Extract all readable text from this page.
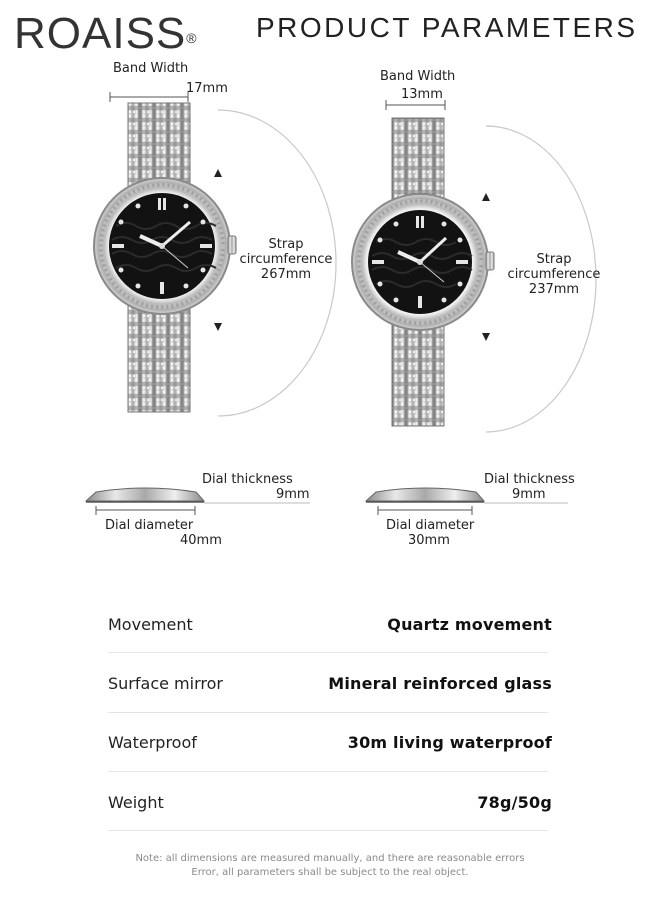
ROAISS® PRODUCT PARAMETERS
Band Width
17mm
Strap
circumference
267mm
Dial thickness
9mm
Dial diameter
40mm
Band Width
13mm
Strap
circumference
237mm
Dial thickness
9mm
Dial diameter
30mm
Movement	Quartz movement
Surface mirror	Mineral reinforced glass
Waterproof	30m living waterproof
Weight	78g/50g
Note: all dimensions are measured manually, and there are reasonable errors
Error, all parameters shall be subject to the real object.
